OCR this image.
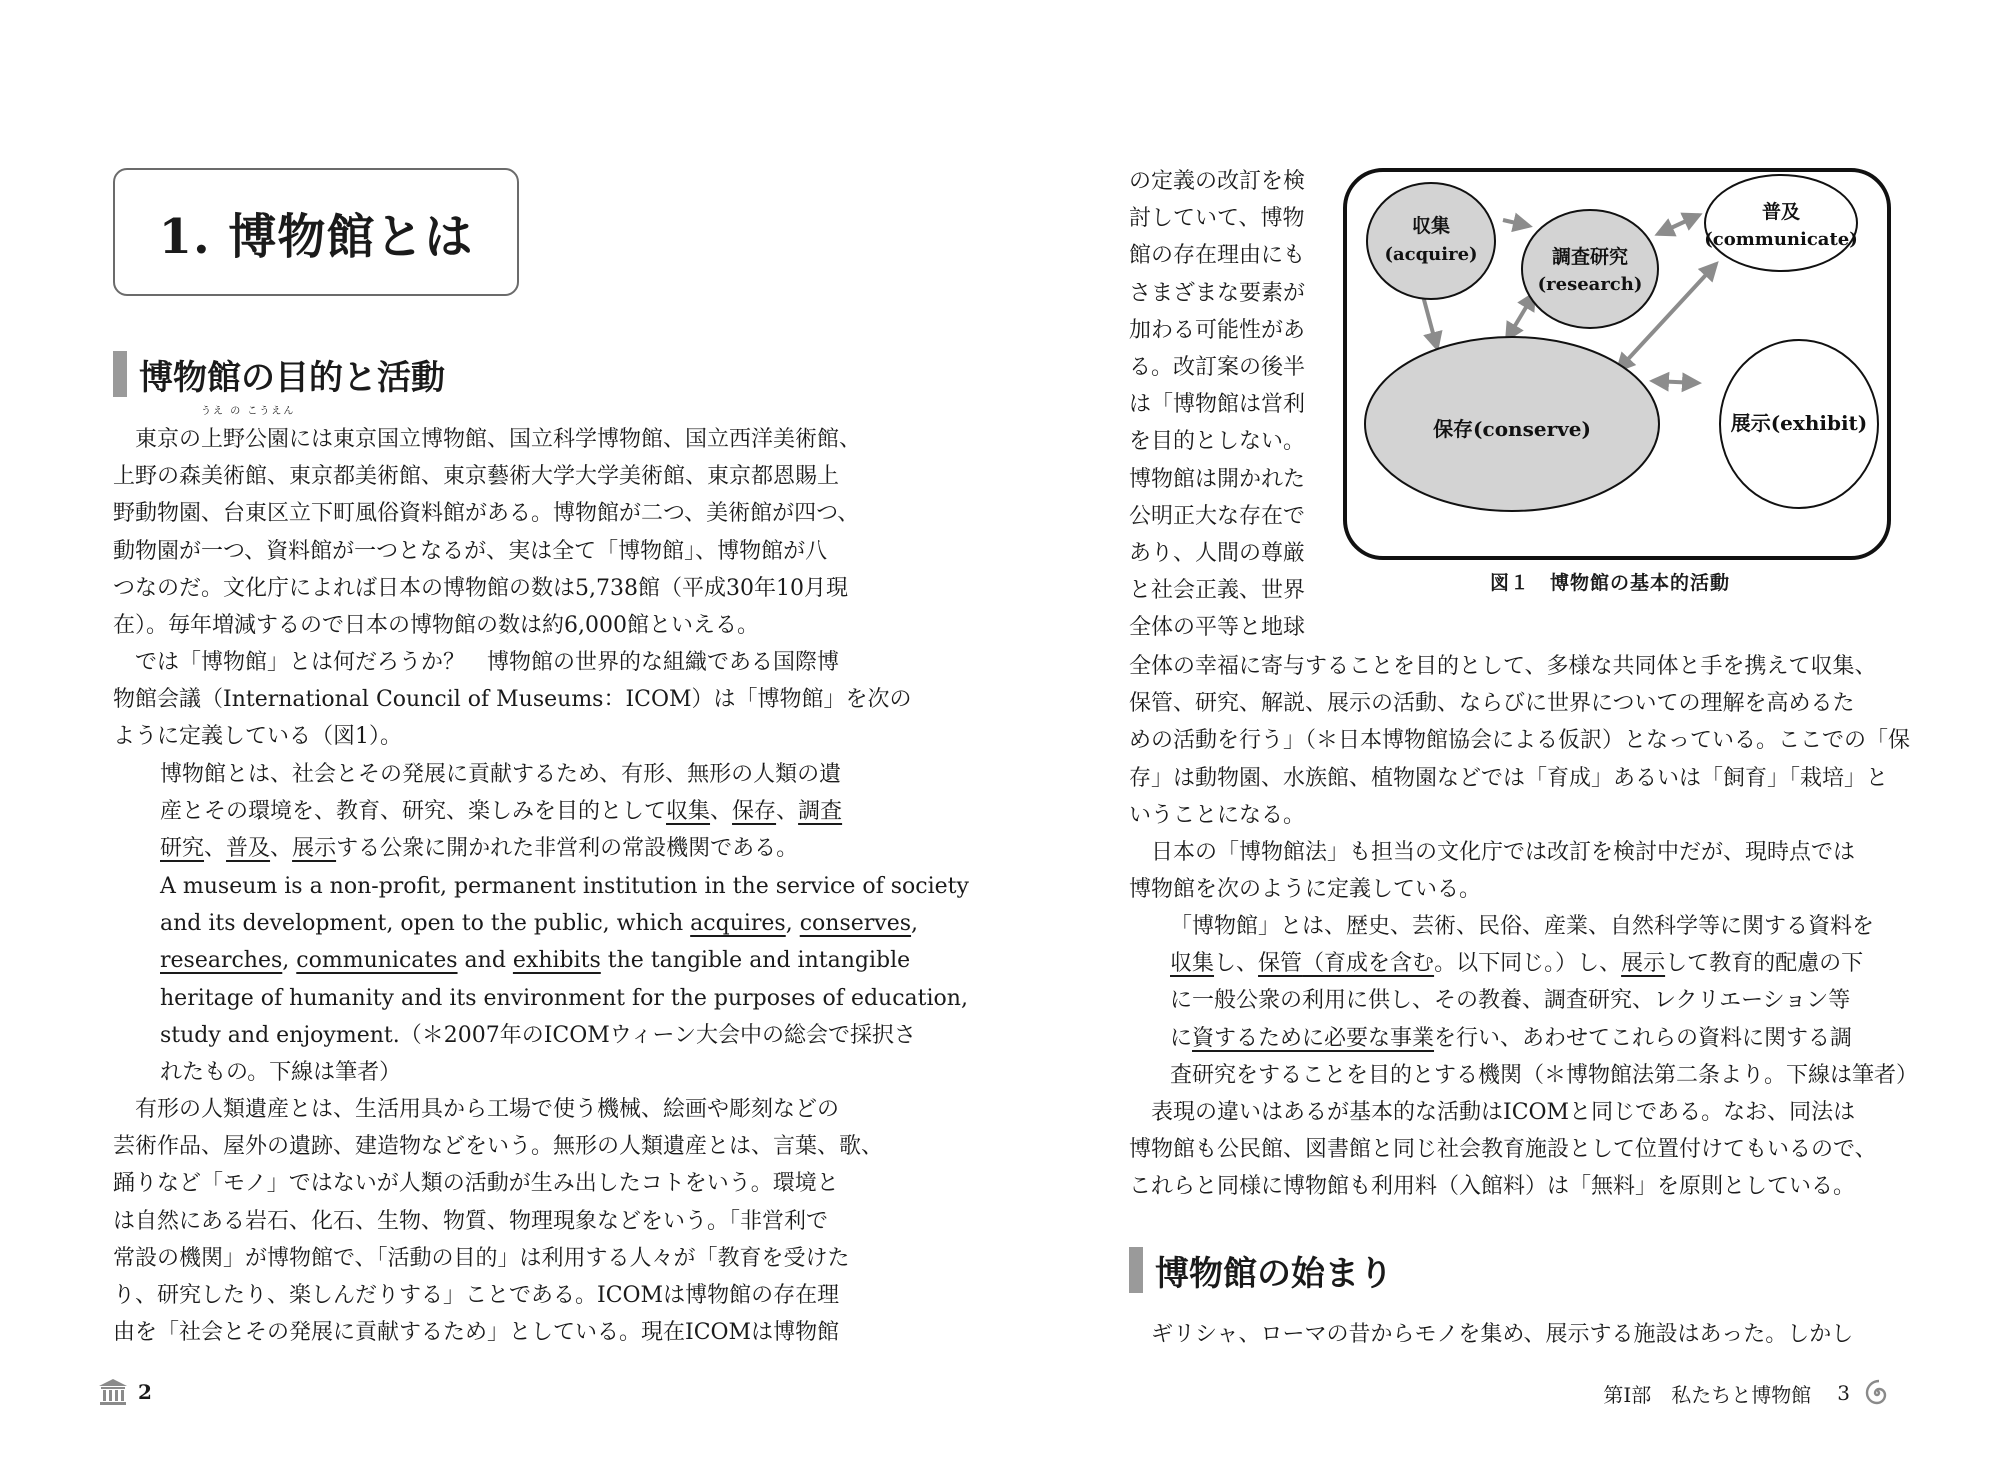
1. 博物館とは
博物館の目的と活動
東京の
うえ の こうえん
上野公園には東京国立博物館、国立科学博物館、国立西洋美術館、
上野の森美術館、東京都美術館、東京藝術大学大学美術館、東京都恩賜上
野動物園、台東区立下町風俗資料館がある。博物館が二つ、美術館が四つ、
動物園が一つ、資料館が一つとなるが、実は全て「博物館」、博物館が八
つなのだ。文化庁によれば日本の博物館の数は5,738館（平成30年10月現
在）。毎年増減するので日本の博物館の数は約6,000館といえる。
では「博物館」とは何だろうか？　博物館の世界的な組織である国際博
物館会議（International Council of Museums：ICOM）は「博物館」を次の
ように定義している（図1）。
博物館とは、社会とその発展に貢献するため、有形、無形の人類の遺
産とその環境を、教育、研究、楽しみを目的として収集、保存、調査
研究、普及、展示する公衆に開かれた非営利の常設機関である。
A museum is a non-profit, permanent institution in the service of society
and its development, open to the public, which acquires, conserves,
researches, communicates and exhibits the tangible and intangible
heritage of humanity and its environment for the purposes of education,
study and enjoyment.（＊2007年のICOMウィーン大会中の総会で採択さ
れたもの。下線は筆者）
有形の人類遺産とは、生活用具から工場で使う機械、絵画や彫刻などの
芸術作品、屋外の遺跡、建造物などをいう。無形の人類遺産とは、言葉、歌、
踊りなど「モノ」ではないが人類の活動が生み出したコトをいう。環境と
は自然にある岩石、化石、生物、物質、物理現象などをいう。「非営利で
常設の機関」が博物館で、「活動の目的」は利用する人々が「教育を受けた
り、研究したり、楽しんだりする」ことである。ICOMは博物館の存在理
由を「社会とその発展に貢献するため」としている。現在ICOMは博物館
2
の定義の改訂を検
討していて、博物
館の存在理由にも
さまざまな要素が
加わる可能性があ
る。改訂案の後半
は「博物館は営利
を目的としない。
博物館は開かれた
公明正大な存在で
あり、人間の尊厳
と社会正義、世界
全体の平等と地球
収集
(acquire)	調査研究
(research)
普及
(communicate)
保存(conserve)	展示(exhibit)
図１　博物館の基本的活動
全体の幸福に寄与することを目的として、多様な共同体と手を携えて収集、
保管、研究、解説、展示の活動、ならびに世界についての理解を高めるた
めの活動を行う」（＊日本博物館協会による仮訳）となっている。ここでの「保
存」は動物園、水族館、植物園などでは「育成」あるいは「飼育」「栽培」と
いうことになる。
日本の「博物館法」も担当の文化庁では改訂を検討中だが、現時点では
博物館を次のように定義している。
「博物館」とは、歴史、芸術、民俗、産業、自然科学等に関する資料を
収集し、保管（育成を含む。以下同じ。）し、展示して教育的配慮の下
に一般公衆の利用に供し、その教養、調査研究、レクリエーション等
に資するために必要な事業を行い、あわせてこれらの資料に関する調
査研究をすることを目的とする機関（＊博物館法第二条より。下線は筆者）
表現の違いはあるが基本的な活動はICOMと同じである。なお、同法は
博物館も公民館、図書館と同じ社会教育施設として位置付けてもいるので、
これらと同様に博物館も利用料（入館料）は「無料」を原則としている。
博物館の始まり
ギリシャ、ローマの昔からモノを集め、展示する施設はあった。しかし
第Ⅰ部　私たちと博物館 3
